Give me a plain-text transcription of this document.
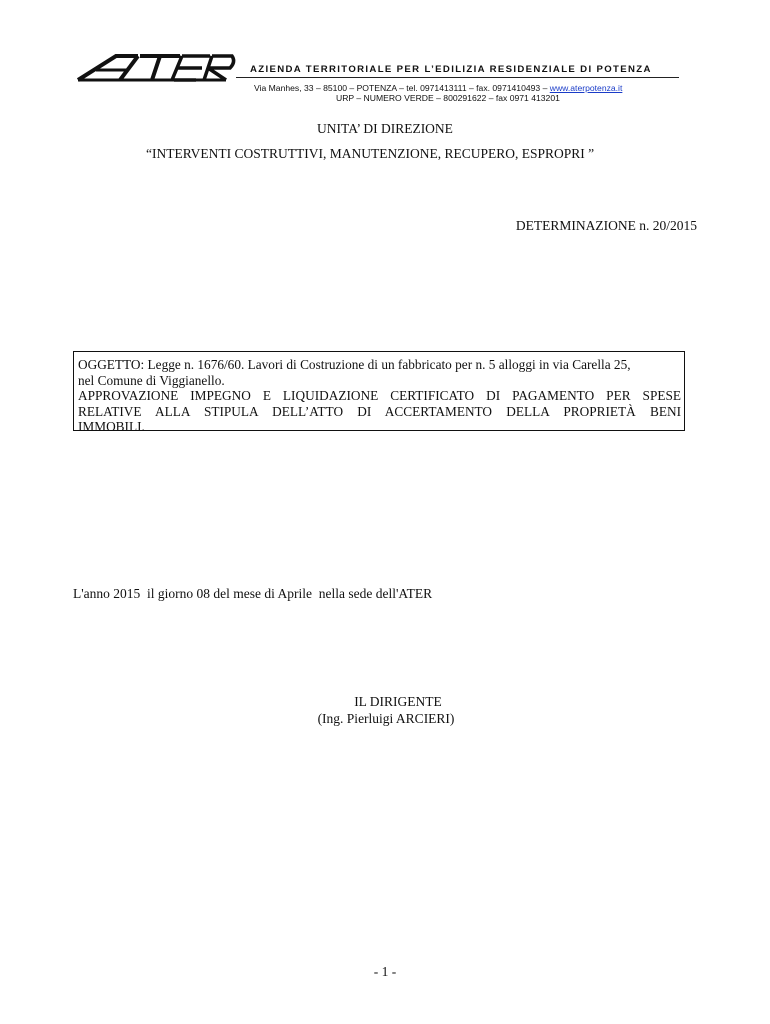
AZIENDA TERRITORIALE PER L’EDILIZIA RESIDENZIALE DI POTENZA
Via Manhes, 33 – 85100 – POTENZA – tel. 0971413111 – fax. 0971410493 – www.aterpotenza.it
URP – NUMERO VERDE – 800291622 – fax 0971 413201
UNITA’ DI DIREZIONE
“INTERVENTI COSTRUTTIVI, MANUTENZIONE, RECUPERO, ESPROPRI ”
DETERMINAZIONE n. 20/2015
OGGETTO: Legge n. 1676/60. Lavori di Costruzione di un fabbricato per n. 5 alloggi in via Carella 25,
nel Comune di Viggianello.
APPROVAZIONE IMPEGNO E LIQUIDAZIONE CERTIFICATO DI PAGAMENTO PER SPESE
RELATIVE ALLA STIPULA DELL’ATTO DI ACCERTAMENTO DELLA PROPRIETÀ BENI
IMMOBILI.
L'anno 2015  il giorno 08 del mese di Aprile  nella sede dell'ATER
IL DIRIGENTE
(Ing. Pierluigi ARCIERI)
- 1 -
